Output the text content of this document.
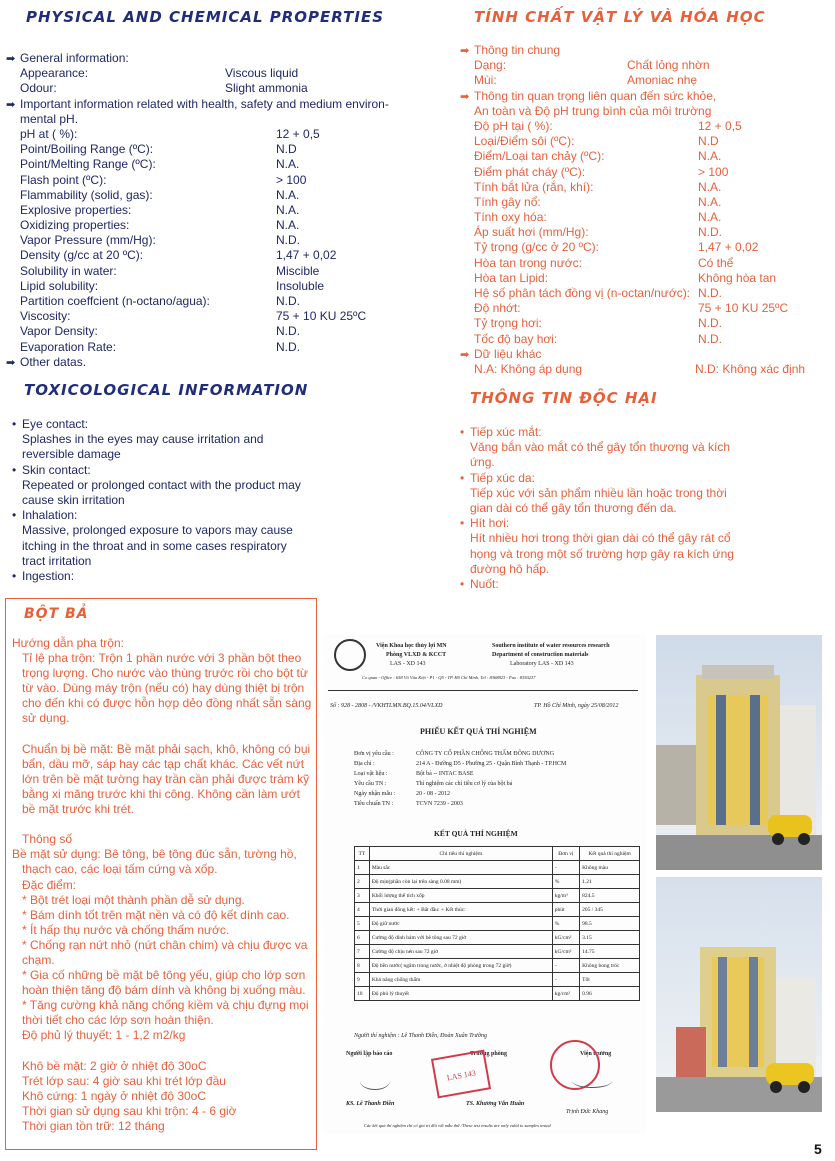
PHYSICAL AND CHEMICAL PROPERTIES
➡ General information:
Appearance:	Viscous liquid
Odour:	Slight ammonia
➡ Important information related with health, safety and medium environ-
mental pH.
pH at ( %):	12 + 0,5
Point/Boiling Range (ºC):	N.D
Point/Melting Range (ºC):	N.A.
Flash point (ºC):	> 100
Flammability (solid, gas):	N.A.
Explosive properties:	N.A.
Oxidizing properties:	N.A.
Vapor Pressure (mm/Hg):	N.D.
Density (g/cc at 20 ºC):	1,47 + 0,02
Solubility in water:	Miscible
Lipid solubility:	Insoluble
Partition coeffcient (n-octano/agua):	N.D.
Viscosity:	75 + 10 KU 25ºC
Vapor Density:	N.D.
Evaporation Rate:	N.D.
➡ Other datas.
TOXICOLOGICAL INFORMATION
• Eye contact:
Splashes in the eyes may cause irritation and
reversible damage
• Skin contact:
Repeated or prolonged contact with the product may
cause skin irritation
• Inhalation:
Massive, prolonged exposure to vapors may cause
itching in the throat and in some cases respiratory
tract irritation
• Ingestion:
TÍNH CHẤT VẬT LÝ VÀ HÓA HỌC
➡ Thông tin chung
Dạng:	Chất lỏng nhờn
Mùi:	Amoniac nhẹ
➡ Thông tin quan trọng liên quan đến sức khỏe,
An toàn và Độ pH trung bình của môi trường
Độ pH tại ( %):	12 + 0,5
Loại/Điểm sôi (ºC):	N.D
Điểm/Loại tan chảy (ºC):	N.A.
Điểm phát cháy (ºC):	> 100
Tính bắt lửa (rắn, khí):	N.A.
Tính gây nổ:	N.A.
Tính oxy hóa:	N.A.
Áp suất hơi (mm/Hg):	N.D.
Tỷ trọng (g/cc ở 20 ºC):	1,47 + 0,02
Hòa tan trong nước:	Có thể
Hòa tan Lipid:	Không hòa tan
Hệ số phân tách đồng vị (n-octan/nước): N.D.
Độ nhớt:	75 + 10 KU 25ºC
Tỷ trọng hơi:	N.D.
Tốc độ bay hơi:	N.D.
➡ Dữ liệu khác
N.A: Không áp dụng	N.D: Không xác định
THÔNG TIN ĐỘC HẠI
• Tiếp xúc mắt:
Văng bắn vào mắt có thể gây tổn thương và kích
ứng.
• Tiếp xúc da:
Tiếp xúc với sản phẩm nhiều lần hoặc trong thời
gian dài có thể gây tổn thương đến da.
• Hít hơi:
Hít nhiều hơi trong thời gian dài có thể gây rát cổ
họng và trong một số trường hợp gây ra kích ứng
đường hô hấp.
• Nuốt:
BỘT BẢ

Hướng dẫn pha trộn:

Tỉ lệ pha trộn: Trộn 1 phần nước với 3 phần bột theo

trọng lượng. Cho nước vào thùng trước rồi cho bột từ

từ vào. Dùng máy trộn (nếu có) hay dùng thiệt bị trộn

cho đến khi có được hỗn hợp dẻo đồng nhất sẵn sàng

sử dụng.

Chuẩn bị bề mặt: Bề mặt phải sạch, khô, không có bụi

bẩn, dầu mỡ, sáp hay các tạp chất khác. Các vết nứt

lớn trên bề mặt tường hay trần cần phải được trám kỹ

bằng xi măng trước khi thi công. Không cần làm ướt

bề mặt trước khi trét.

Thông số

Bề mặt sử dụng: Bê tông, bê tông đúc sẵn, tường hồ,

thạch cao, các loại tấm cứng và xốp.

Đặc điểm:

* Bột trét loại một thành phần dễ sử dụng.

* Bám dính tốt trên mặt nền và có độ kết dính cao.

* Ít hấp thụ nước và chống thấm nước.

* Chống rạn nứt nhỏ (nứt chân chim) và chịu được va

chạm.

* Gia cố những bề mặt bê tông yếu, giúp cho lớp sơn

hoàn thiện tăng độ bám dính và không bị xuống màu.

* Tăng cường khả năng chống kiềm và chịu đựng mọi

thời tiết cho các lớp sơn hoàn thiện.

Độ phủ lý thuyết: 1 - 1,2 m2/kg

Khô bề mặt: 2 giờ ở nhiệt độ 30oC

Trét lớp sau: 4 giờ sau khi trét lớp đầu

Khô cứng: 1 ngày ở nhiệt độ 30oC

Thời gian sử dụng sau khi trộn: 4 - 6 giờ

Thời gian tồn trữ: 12 tháng

Viện Khoa học thủy lợi MN	Southern institute of water resources research
Phòng VLXD & KCCT	Department of construction materials
LAS - XD 143	Laboratory LAS - XD 143
Co quan - Office : 658 Võ Văn Kiệt - P1 - Q5 - TP. Hồ Chí Minh. Tel : 8368823 - Fax : 8350237
Số : 928 - 2808 - /VKHTLMN.BQ.15.04/VLXD	TP. Hồ Chí Minh, ngày 25/08/2012
PHIẾU KẾT QUẢ THÍ NGHIỆM
Đơn vị yêu cầu :	CÔNG TY CỔ PHẦN CHỐNG THẤM ĐÔNG DƯƠNG
Địa chỉ :	214 A - Đường D5 - Phường 25 - Quận Bình Thạnh - TP.HCM
Loại vật liệu :	Bột bả -- INTAC BASE
Yêu cầu TN :	Thí nghiệm các chỉ tiêu cơ lý của bột bả
Ngày nhận mẫu :	20 - 08 - 2012
Tiêu chuẩn TN :	TCVN 7239 - 2003
KẾT QUẢ THÍ NGHIỆM
TT	Chỉ tiêu thí nghiệm	Đơn vị	Kết quả thí nghiệm
1	Màu sắc	-	Không màu
2	Độ mịn(phần còn lại trên sàng 0.08 mm)	%	1.21
3	Khối lượng thể tích xốp	kg/m³	824.5
4	Thời gian đông kết: + Bắt đầu: + Kết thúc:	phút	205 / 345
5	Độ giữ nước	%	98.5
6	Cường độ dính bám với bê tông sau 72 giờ	kG/cm²	3.15
7	Cường độ chịu nén sau 72 giờ	kG/cm²	14.75
8	Độ bền nước( ngâm trong nước, ở nhiệt độ phòng trong 72 giờ)	-	Không bong tróc
9	Khả năng chống thấm	-	Tốt
10	Độ phủ lý thuyết	kg/cm²	0.96
Người thí nghiệm : Lê Thanh Điền, Đoàn Xuân Trường
Người lập báo cáo	Trưởng phòng	Viện trưởng
LAS 143
KS. Lê Thanh Điền	TS. Khương Văn Huân
Trịnh Đức Khang
Các kết quả thí nghiệm chỉ có giá trị đối với mẫu thử /These test results are only valid to samples tested
5
